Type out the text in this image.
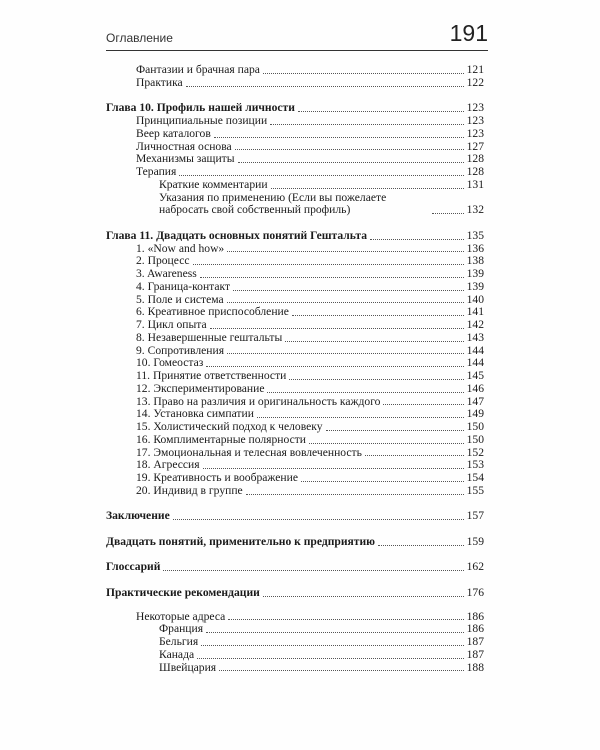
Оглавление	191
Фантазии и брачная пара	121
Практика	122
Глава 10. Профиль нашей личности	123
Принципиальные позиции	123
Веер каталогов	123
Личностная основа	127
Механизмы защиты	128
Терапия	128
Краткие комментарии	131
Указания по применению (Если вы пожелаете набросать свой собственный профиль)	132
Глава 11. Двадцать основных понятий Гештальта	135
1. «Now and how»	136
2. Процесс	138
3. Awareness	139
4. Граница-контакт	139
5. Поле и система	140
6. Креативное приспособление	141
7. Цикл опыта	142
8. Незавершенные гештальты	143
9. Сопротивления	144
10. Гомеостаз	144
11. Принятие ответственности	145
12. Экспериментирование	146
13. Право на различия и оригинальность каждого	147
14. Установка симпатии	149
15. Холистический подход к человеку	150
16. Комплиментарные полярности	150
17. Эмоциональная и телесная вовлеченность	152
18. Агрессия	153
19. Креативность и воображение	154
20. Индивид в группе	155
Заключение	157
Двадцать понятий, применительно к предприятию	159
Глоссарий	162
Практические рекомендации	176
Некоторые адреса	186
Франция	186
Бельгия	187
Канада	187
Швейцария	188
